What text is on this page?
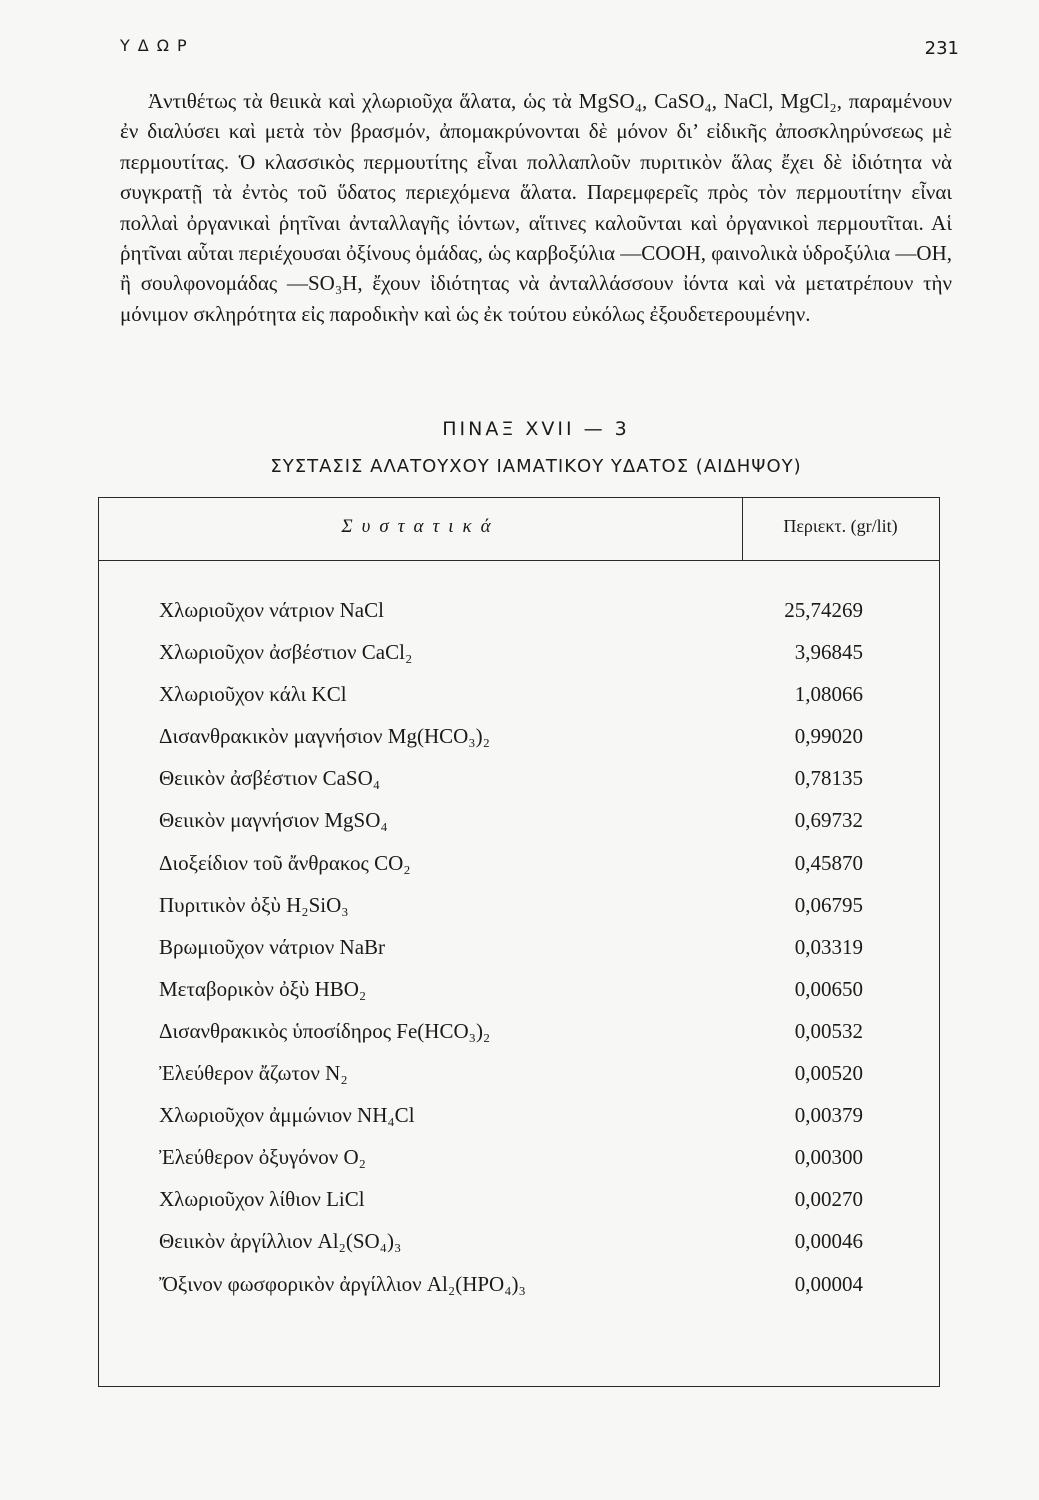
ΥΔΩΡ	231

Ἀντιθέτως τὰ θειικὰ καὶ χλωριοῦχα ἅλατα, ὡς τὰ MgSO₄, CaSO₄, NaCl, MgCl₂, παραμένουν ἐν διαλύσει καὶ μετὰ τὸν βρασμόν, ἀπομακρύνονται δὲ μόνον δι’ εἰδικῆς ἀποσκληρύνσεως μὲ περμουτίτας. Ὁ κλασσικὸς περμουτίτης εἶναι πολλαπλοῦν πυριτικὸν ἅλας ἔχει δὲ ἰδιότητα νὰ συγκρατῇ τὰ ἐντὸς τοῦ ὕδατος περιεχόμενα ἅλατα. Παρεμφερεῖς πρὸς τὸν περμουτίτην εἶναι πολλαὶ ὀργανικαὶ ῥητῖναι ἀνταλλαγῆς ἰόντων, αἵτινες καλοῦνται καὶ ὀργανικοὶ περμουτῖται. Αἱ ῥητῖναι αὗται περιέχουσαι ὀξίνους ὁμάδας, ὡς καρβοξύλια —COOH, φαινολικὰ ὑδροξύλια —OH, ἢ σουλφονομάδας —SO₃H, ἔχουν ἰδιότητας νὰ ἀνταλλάσσουν ἰόντα καὶ νὰ μετατρέπουν τὴν μόνιμον σκληρότητα εἰς παροδικὴν καὶ ὡς ἐκ τούτου εὐκόλως ἐξουδετερουμένην.

ΠΙΝΑΞ XVII — 3
ΣΥΣΤΑΣΙΣ ΑΛΑΤΟΥΧΟΥ ΙΑΜΑΤΙΚΟΥ ΥΔΑΤΟΣ (ΑΙΔΗΨΟΥ)
Συστατικά	Περιεκτ. (gr/lit)
Χλωριοῦχον νάτριον NaCl	25,74269
Χλωριοῦχον ἀσβέστιον CaCl₂	3,96845
Χλωριοῦχον κάλι KCl	1,08066
Δισανθρακικὸν μαγνήσιον Mg(HCO₃)₂	0,99020
Θειικὸν ἀσβέστιον CaSO₄	0,78135
Θειικὸν μαγνήσιον MgSO₄	0,69732
Διοξείδιον τοῦ ἄνθρακος CO₂	0,45870
Πυριτικὸν ὀξὺ H₂SiO₃	0,06795
Βρωμιοῦχον νάτριον NaBr	0,03319
Μεταβορικὸν ὀξὺ HBO₂	0,00650
Δισανθρακικὸς ὑποσίδηρος Fe(HCO₃)₂	0,00532
Ἐλεύθερον ἄζωτον N₂	0,00520
Χλωριοῦχον ἀμμώνιον NH₄Cl	0,00379
Ἐλεύθερον ὀξυγόνον O₂	0,00300
Χλωριοῦχον λίθιον LiCl	0,00270
Θειικὸν ἀργίλλιον Al₂(SO₄)₃	0,00046
Ὄξινον φωσφορικὸν ἀργίλλιον Al₂(HPO₄)₃	0,00004
